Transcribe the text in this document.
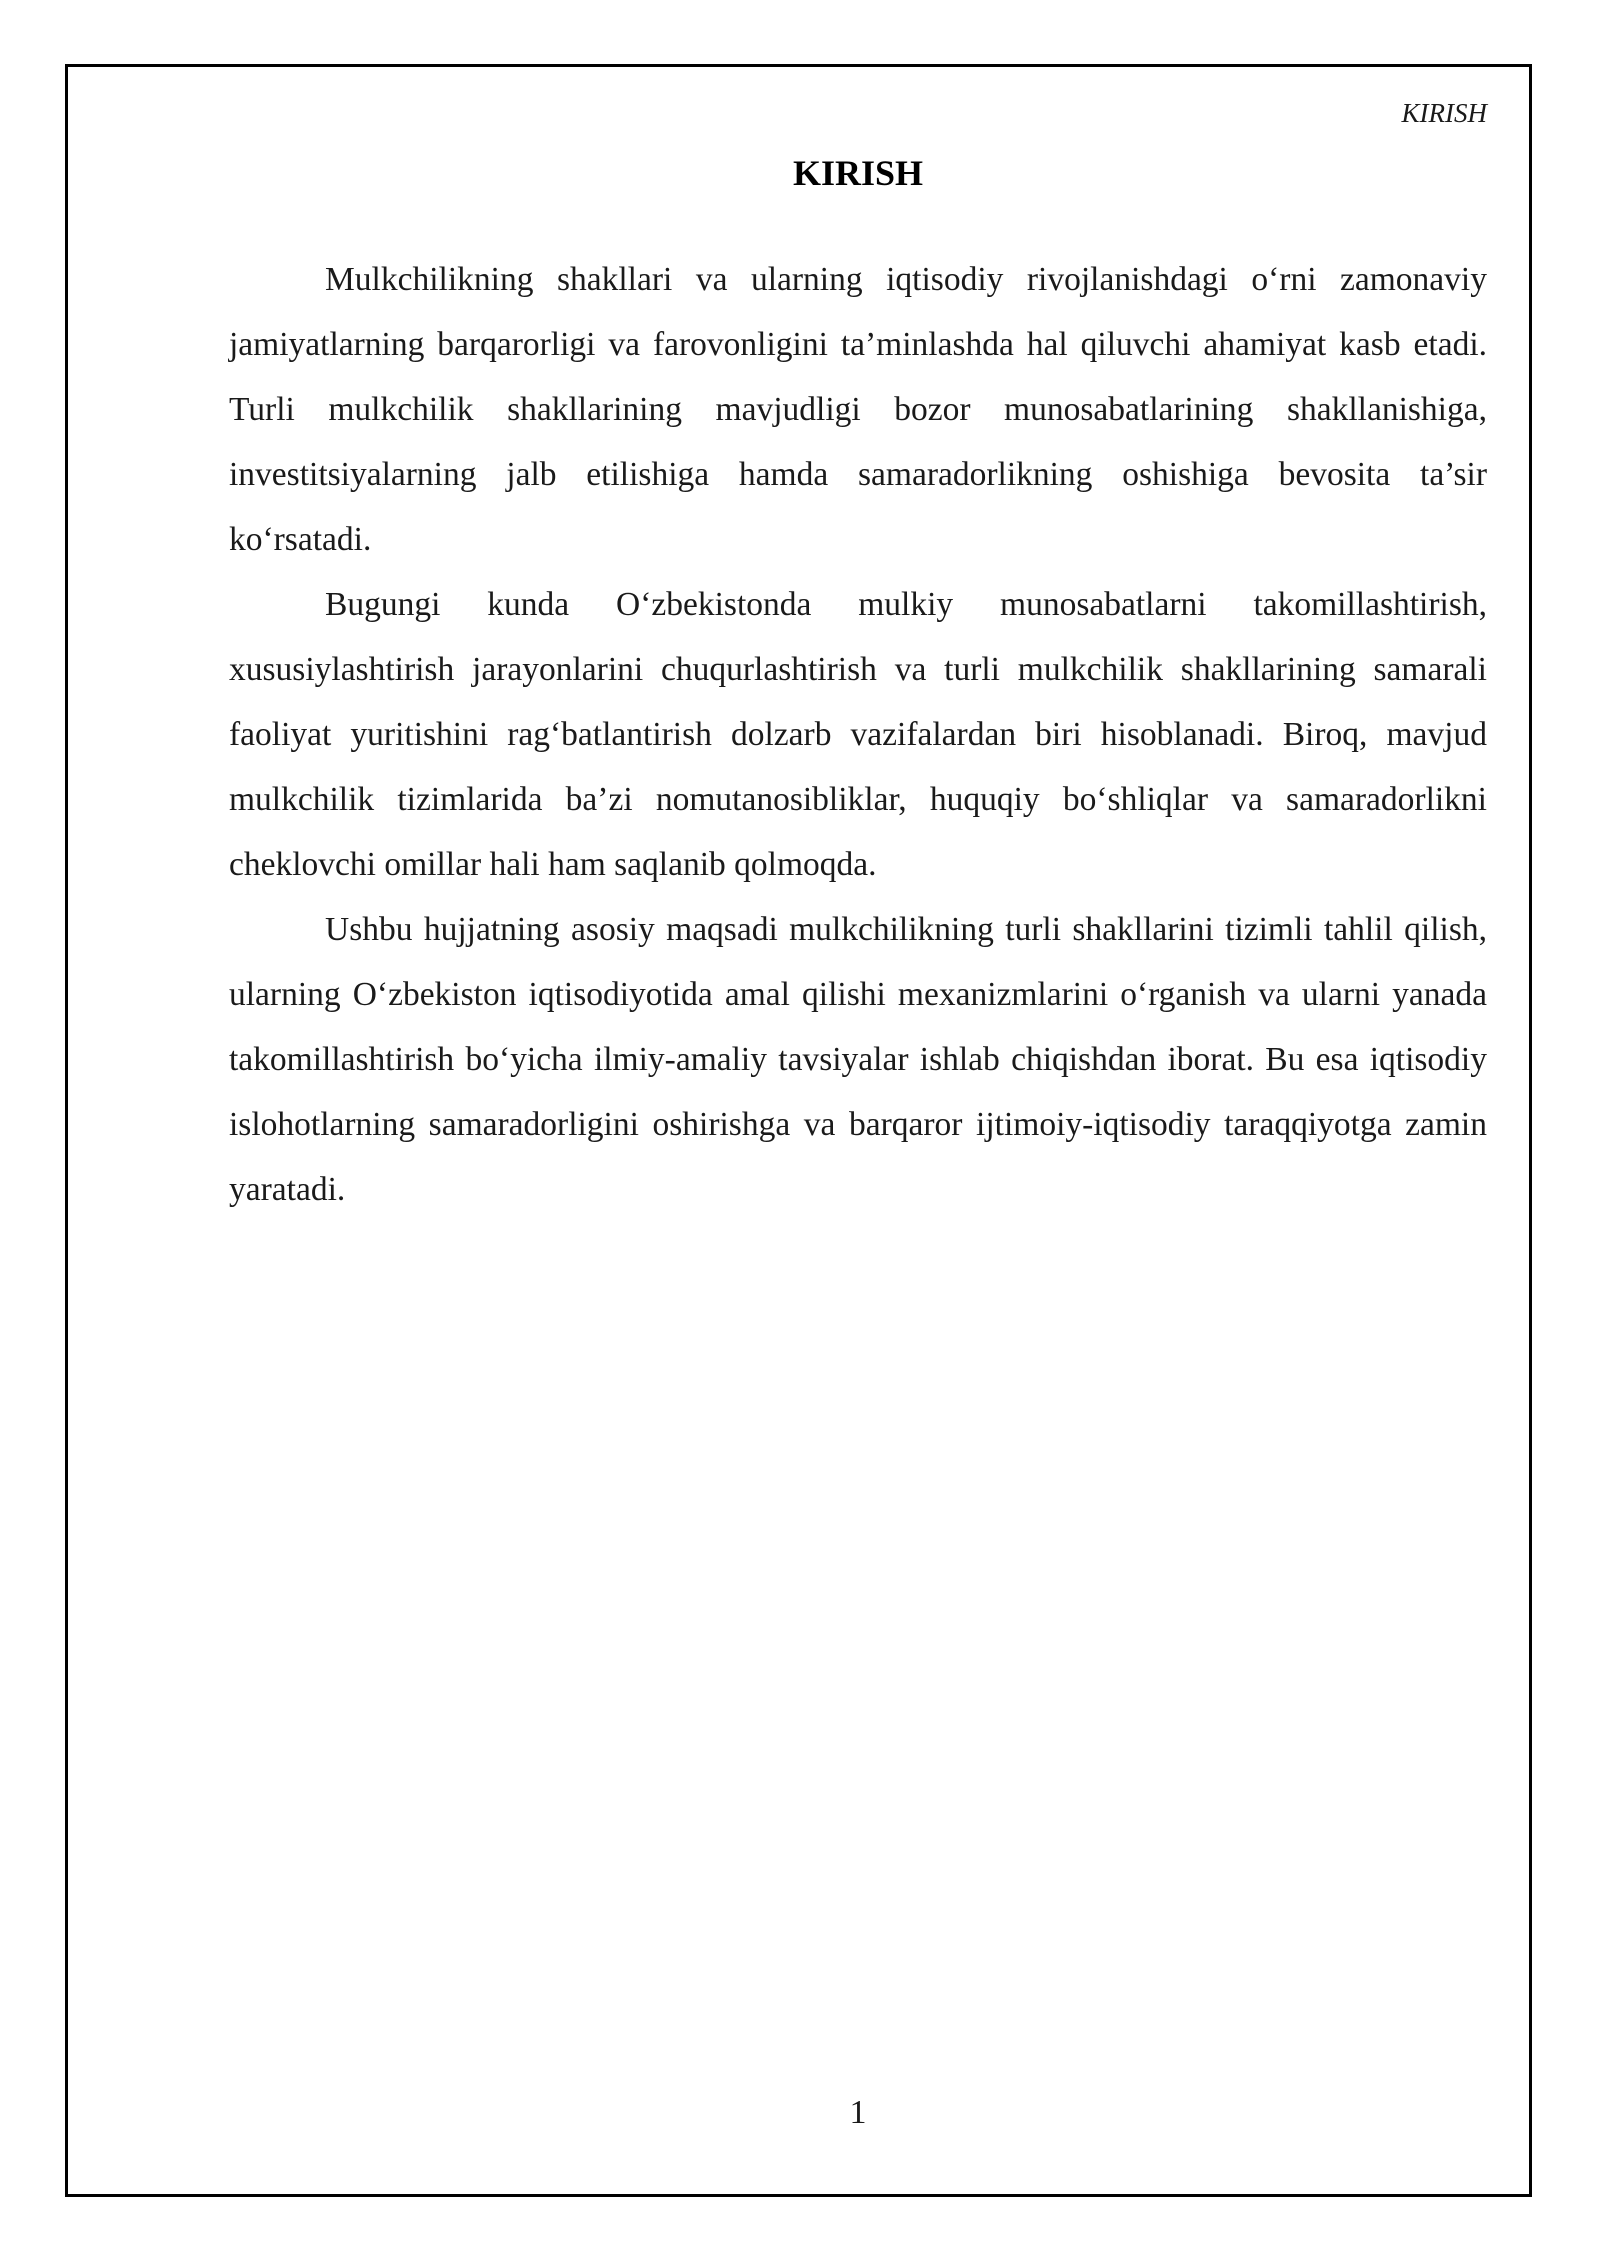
KIRISH
KIRISH

Mulkchilikning shakllari va ularning iqtisodiy rivojlanishdagi o‘rni zamonaviy jamiyatlarning barqarorligi va farovonligini ta’minlashda hal qiluvchi ahamiyat kasb etadi. Turli mulkchilik shakllarining mavjudligi bozor munosabatlarining shakllanishiga, investitsiyalarning jalb etilishiga hamda samaradorlikning oshishiga bevosita ta’sir ko‘rsatadi.

Bugungi kunda O‘zbekistonda mulkiy munosabatlarni takomillashtirish, xususiylashtirish jarayonlarini chuqurlashtirish va turli mulkchilik shakllarining samarali faoliyat yuritishini rag‘batlantirish dolzarb vazifalardan biri hisoblanadi. Biroq, mavjud mulkchilik tizimlarida ba’zi nomutanosibliklar, huquqiy bo‘shliqlar va samaradorlikni cheklovchi omillar hali ham saqlanib qolmoqda.

Ushbu hujjatning asosiy maqsadi mulkchilikning turli shakllarini tizimli tahlil qilish, ularning O‘zbekiston iqtisodiyotida amal qilishi mexanizmlarini o‘rganish va ularni yanada takomillashtirish bo‘yicha ilmiy-amaliy tavsiyalar ishlab chiqishdan iborat. Bu esa iqtisodiy islohotlarning samaradorligini oshirishga va barqaror ijtimoiy-iqtisodiy taraqqiyotga zamin yaratadi.

1
